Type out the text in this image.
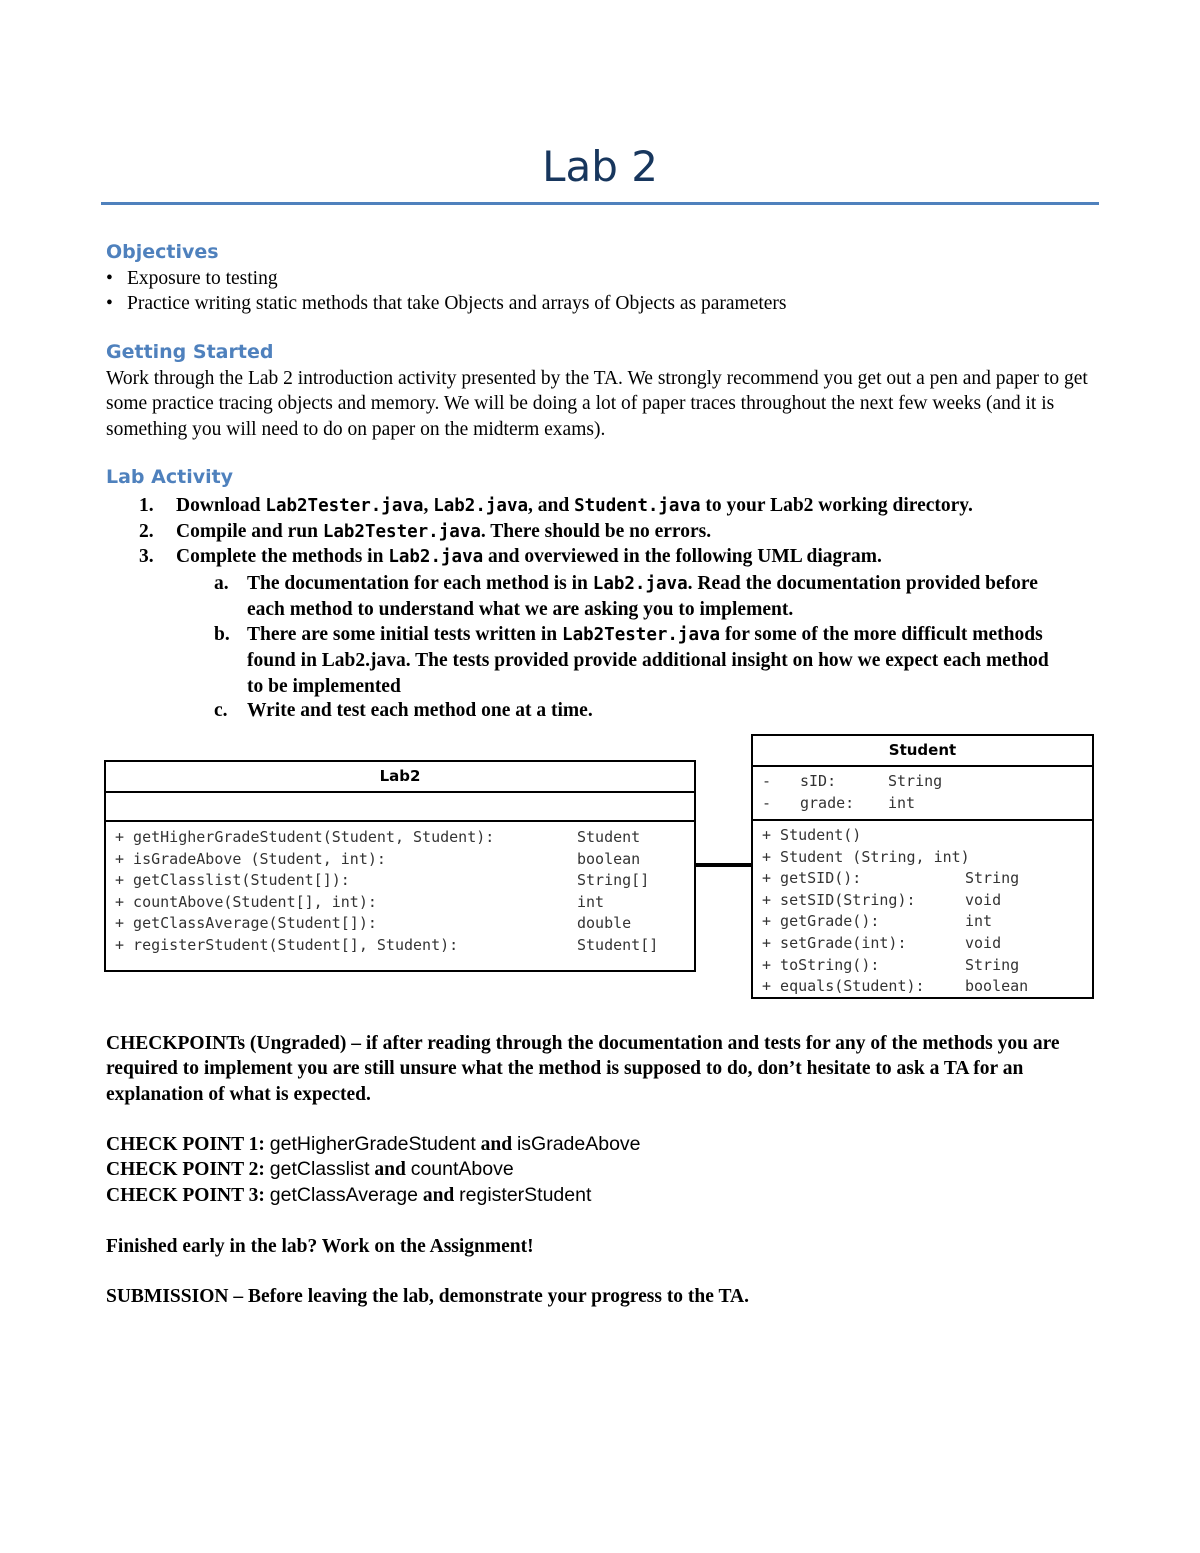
Lab 2
Objectives
• Exposure to testing
• Practice writing static methods that take Objects and arrays of Objects as parameters
Getting Started
Work through the Lab 2 introduction activity presented by the TA. We strongly recommend you get out a pen and paper to get some practice tracing objects and memory. We will be doing a lot of paper traces throughout the next few weeks (and it is something you will need to do on paper on the midterm exams).
Lab Activity
1. Download Lab2Tester.java, Lab2.java, and Student.java to your Lab2 working directory.
2. Compile and run Lab2Tester.java. There should be no errors.
3. Complete the methods in Lab2.java and overviewed in the following UML diagram.
a. The documentation for each method is in Lab2.java. Read the documentation provided before each method to understand what we are asking you to implement.
b. There are some initial tests written in Lab2Tester.java for some of the more difficult methods found in Lab2.java. The tests provided provide additional insight on how we expect each method to be implemented
c. Write and test each method one at a time.
Lab2
+ getHigherGradeStudent(Student, Student):	Student
+ isGradeAbove (Student, int):	boolean
+ getClasslist(Student[]):	String[]
+ countAbove(Student[], int):	int
+ getClassAverage(Student[]):	double
+ registerStudent(Student[], Student):	Student[]
Student
- sID:	String
- grade: int
+ Student()
+ Student (String, int)
+ getSID():	String
+ setSID(String):	void
+ getGrade():	int
+ setGrade(int):	void
+ toString():	String
+ equals(Student):	boolean
CHECKPOINTs (Ungraded) – if after reading through the documentation and tests for any of the methods you are required to implement you are still unsure what the method is supposed to do, don’t hesitate to ask a TA for an explanation of what is expected.
CHECK POINT 1: getHigherGradeStudent and isGradeAbove
CHECK POINT 2: getClasslist and countAbove
CHECK POINT 3: getClassAverage and registerStudent
Finished early in the lab? Work on the Assignment!
SUBMISSION – Before leaving the lab, demonstrate your progress to the TA.
